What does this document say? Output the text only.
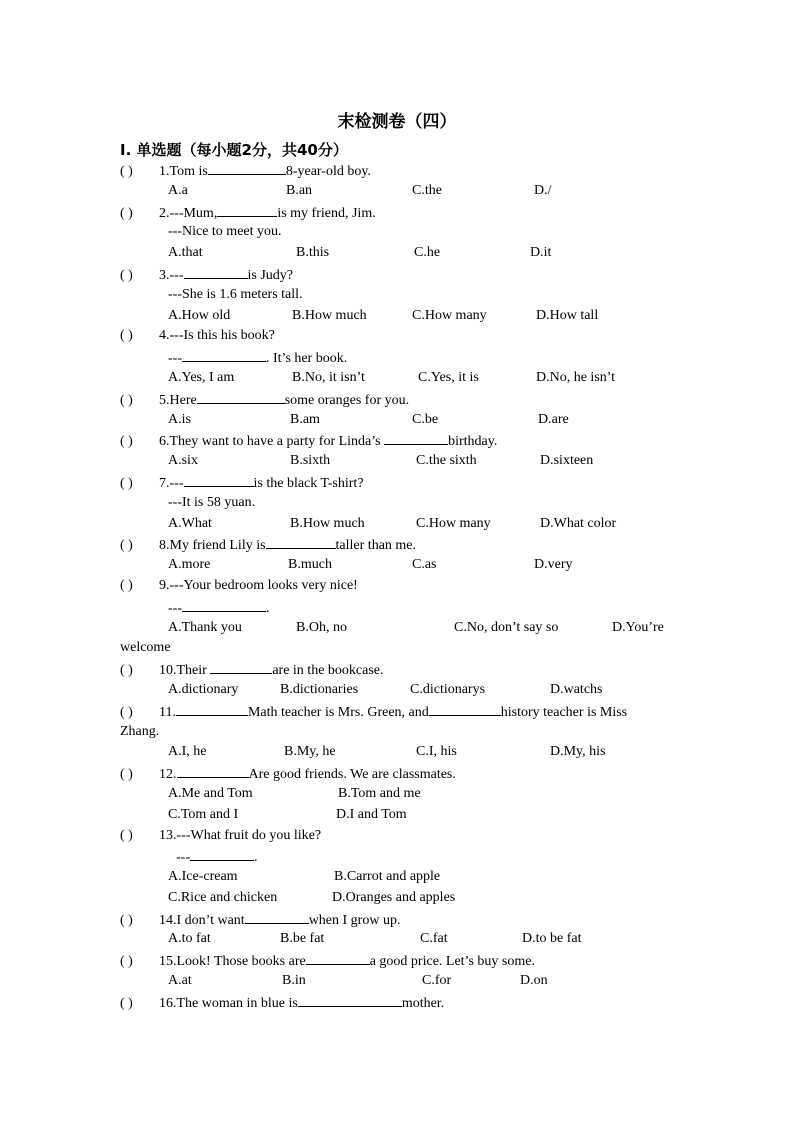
末检测卷（四）
I. 单选题（每小题2分，共40分）
( ) 1.Tom is	8-year-old boy.
A.a	B.an	C.the	D./
( ) 2.---Mum,	is my friend, Jim.
---Nice to meet you.
A.that	B.this	C.he	D.it
( ) 3.---	is Judy?
---She is 1.6 meters tall.
A.How old	B.How much	C.How many	D.How tall
( ) 4.---Is this his book?
---	. It’s her book.
A.Yes, I am	B.No, it isn’t	C.Yes, it is	D.No, he isn’t
( ) 5.Here	some oranges for you.
A.is	B.am	C.be	D.are
( ) 6.They want to have a party for Linda’s	birthday.
A.six	B.sixth	C.the sixth	D.sixteen
( ) 7.---	is the black T-shirt?
---It is 58 yuan.
A.What	B.How much	C.How many	D.What color
( ) 8.My friend Lily is	taller than me.
A.more	B.much	C.as	D.very
( ) 9.---Your bedroom looks very nice!
---	.
A.Thank you	B.Oh, no	C.No, don’t say so	D.You’re
welcome
( ) 10.Their	are in the bookcase.
A.dictionary	B.dictionaries	C.dictionarys	D.watchs
( ) 11.	Math teacher is Mrs. Green, and	history teacher is Miss
Zhang.
A.I, he	B.My, he	C.I, his	D.My, his
( ) 12.	Are good friends. We are classmates.
A.Me and Tom	B.Tom and me
C.Tom and I	D.I and Tom
( ) 13.---What fruit do you like?
---	.
A.Ice-cream	B.Carrot and apple
C.Rice and chicken	D.Oranges and apples
( ) 14.I don’t want	when I grow up.
A.to fat	B.be fat	C.fat	D.to be fat
( ) 15.Look! Those books are	a good price. Let’s buy some.
A.at	B.in	C.for	D.on
( ) 16.The woman in blue is	mother.
